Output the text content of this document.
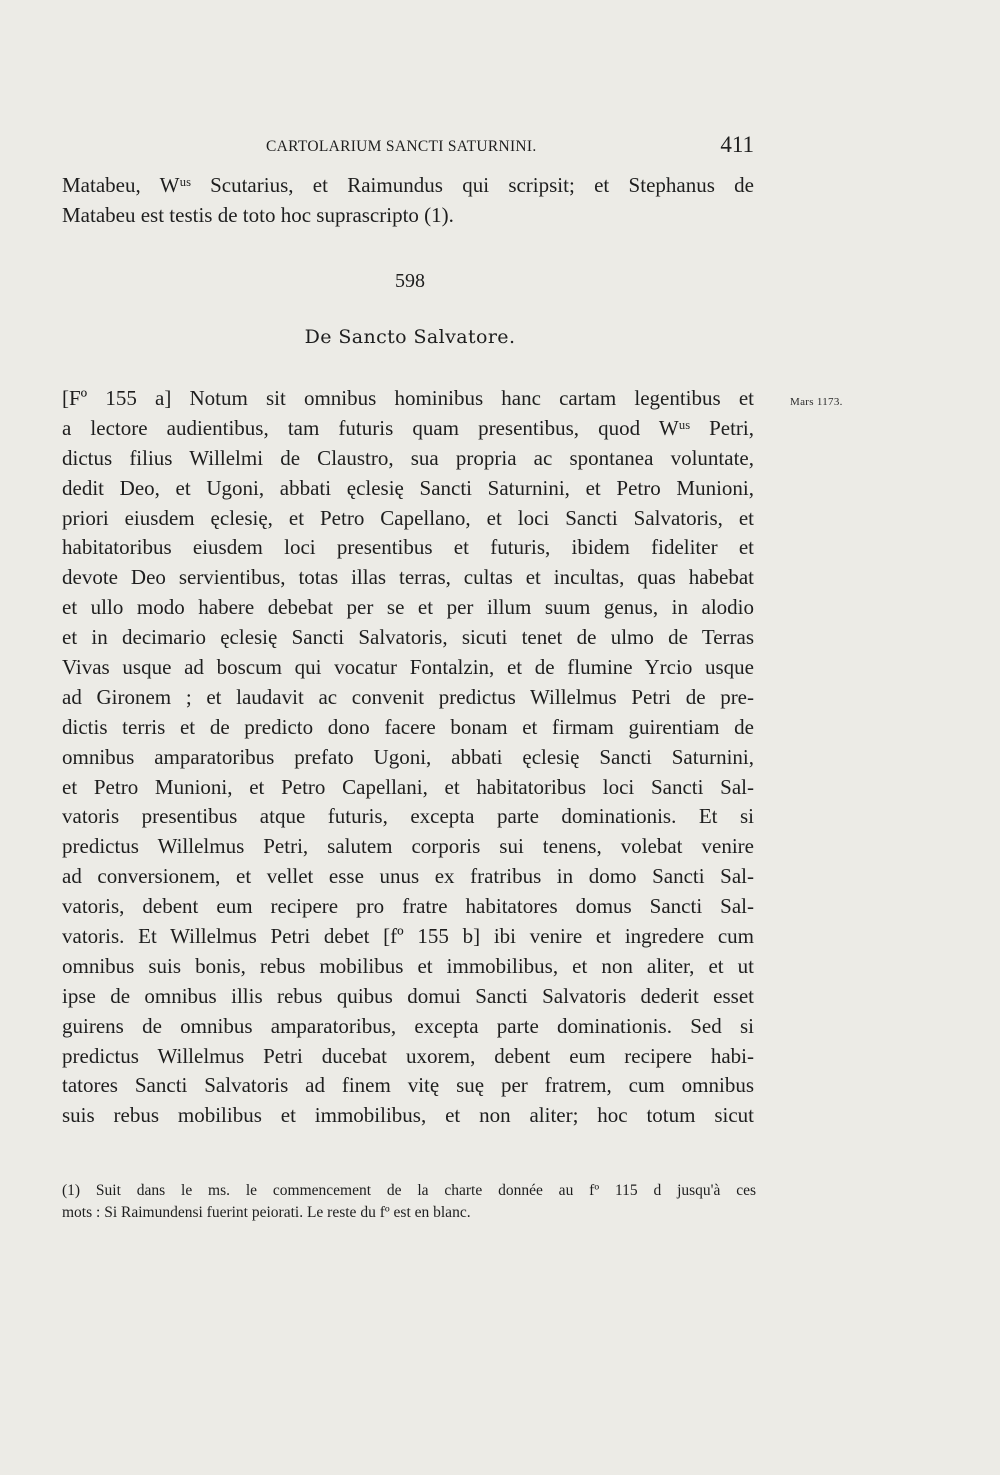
CARTOLARIUM SANCTI SATURNINI.	411
Matabeu, Wᵘˢ Scutarius, et Raimundus qui scripsit; et Stephanus de
Matabeu est testis de toto hoc suprascripto (1).
598
De Sancto Salvatore.
Mars 1173.
[Fº 155 a] Notum sit omnibus hominibus hanc cartam legentibus et
a lectore audientibus, tam futuris quam presentibus, quod Wᵘˢ Petri,
dictus filius Willelmi de Claustro, sua propria ac spontanea voluntate,
dedit Deo, et Ugoni, abbati ęclesię Sancti Saturnini, et Petro Munioni,
priori eiusdem ęclesię, et Petro Capellano, et loci Sancti Salvatoris, et
habitatoribus eiusdem loci presentibus et futuris, ibidem fideliter et
devote Deo servientibus, totas illas terras, cultas et incultas, quas habebat
et ullo modo habere debebat per se et per illum suum genus, in alodio
et in decimario ęclesię Sancti Salvatoris, sicuti tenet de ulmo de Terras
Vivas usque ad boscum qui vocatur Fontalzin, et de flumine Yrcio usque
ad Gironem ; et laudavit ac convenit predictus Willelmus Petri de pre-
dictis terris et de predicto dono facere bonam et firmam guirentiam de
omnibus amparatoribus prefato Ugoni, abbati ęclesię Sancti Saturnini,
et Petro Munioni, et Petro Capellani, et habitatoribus loci Sancti Sal-
vatoris presentibus atque futuris, excepta parte dominationis. Et si
predictus Willelmus Petri, salutem corporis sui tenens, volebat venire
ad conversionem, et vellet esse unus ex fratribus in domo Sancti Sal-
vatoris, debent eum recipere pro fratre habitatores domus Sancti Sal-
vatoris. Et Willelmus Petri debet [fº 155 b] ibi venire et ingredere cum
omnibus suis bonis, rebus mobilibus et immobilibus, et non aliter, et ut
ipse de omnibus illis rebus quibus domui Sancti Salvatoris dederit esset
guirens de omnibus amparatoribus, excepta parte dominationis. Sed si
predictus Willelmus Petri ducebat uxorem, debent eum recipere habi-
tatores Sancti Salvatoris ad finem vitę suę per fratrem, cum omnibus
suis rebus mobilibus et immobilibus, et non aliter; hoc totum sicut
(1) Suit dans le ms. le commencement de la charte donnée au fº 115 d jusqu'à ces
mots : Si Raimundensi fuerint peiorati. Le reste du fº est en blanc.
